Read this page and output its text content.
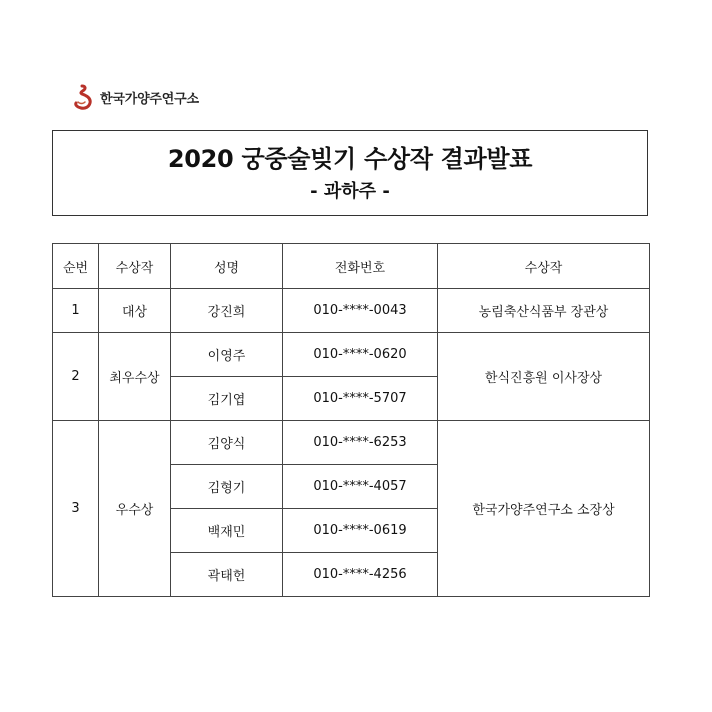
한국가양주연구소
2020 궁중술빚기 수상작 결과발표
- 과하주 -
순번	수상작	성명	전화번호	수상작
1	대상	강진희	010-****-0043	농림축산식품부 장관상
2	최우수상	이영주	010-****-0620	한식진흥원 이사장상
		김기엽	010-****-5707	
3	우수상	김양식	010-****-6253	한국가양주연구소 소장상
		김형기	010-****-4057	
		백재민	010-****-0619	
		곽태헌	010-****-4256	
